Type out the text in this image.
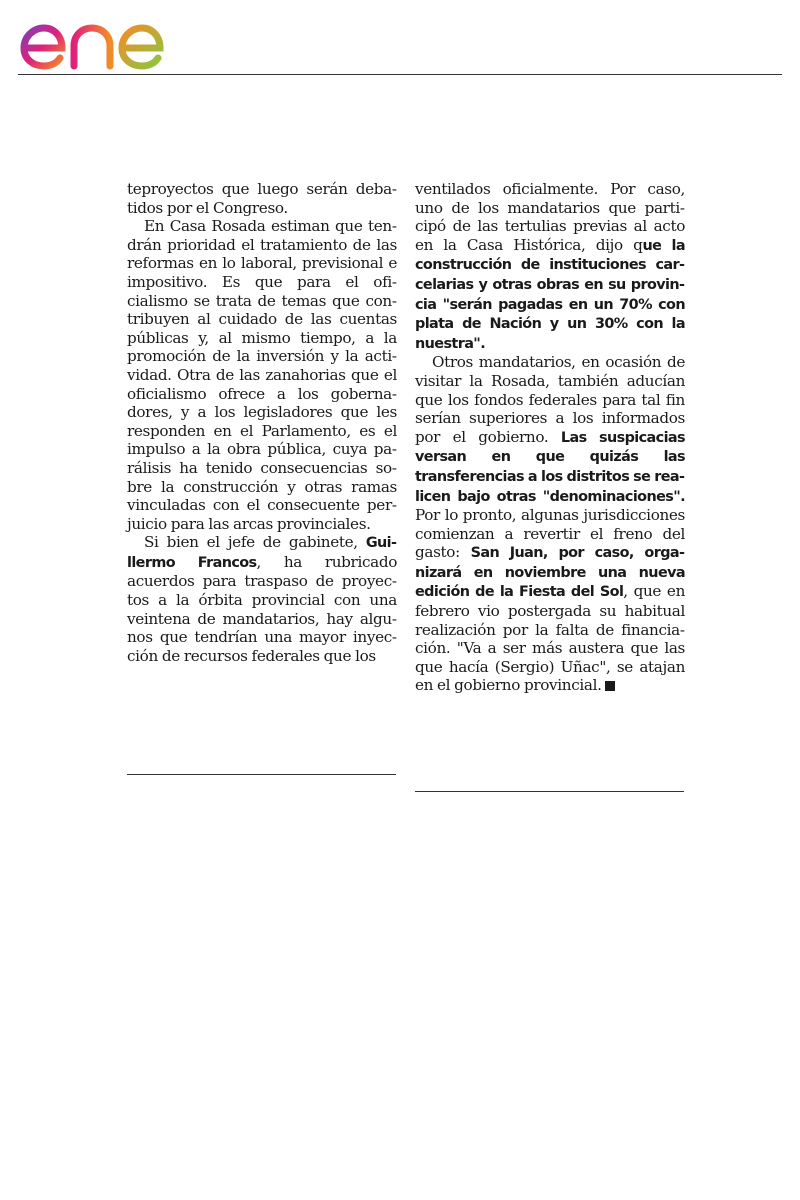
teproyectos que luego serán debatidos por el Congreso.

En Casa Rosada estiman que tendrán prioridad el tratamiento de las reformas en lo laboral, previsional e impositivo. Es que para el oficialismo se trata de temas que contribuyen al cuidado de las cuentas públicas y, al mismo tiempo, a la promoción de la inversión y la actividad. Otra de las zanahorias que el oficialismo ofrece a los gobernadores, y a los legisladores que les responden en el Parlamento, es el impulso a la obra pública, cuya parálisis ha tenido consecuencias sobre la construcción y otras ramas vinculadas con el consecuente perjuicio para las arcas provinciales.

Si bien el jefe de gabinete, Guillermo Francos, ha rubricado acuerdos para traspaso de proyectos a la órbita provincial con una veintena de mandatarios, hay algunos que tendrían una mayor inyección de recursos federales que los

ventilados oficialmente. Por caso, uno de los mandatarios que participó de las tertulias previas al acto en la Casa Histórica, dijo que la construcción de instituciones carcelarias y otras obras en su provincia "serán pagadas en un 70% con plata de Nación y un 30% con la nuestra".

Otros mandatarios, en ocasión de visitar la Rosada, también aducían que los fondos federales para tal fin serían superiores a los informados por el gobierno. Las suspicacias versan en que quizás las transferencias a los distritos se realicen bajo otras "denominaciones". Por lo pronto, algunas jurisdicciones comienzan a revertir el freno del gasto: San Juan, por caso, organizará en noviembre una nueva edición de la Fiesta del Sol, que en febrero vio postergada su habitual realización por la falta de financiación. "Va a ser más austera que las que hacía (Sergio) Uñac", se atajan en el gobierno provincial.
